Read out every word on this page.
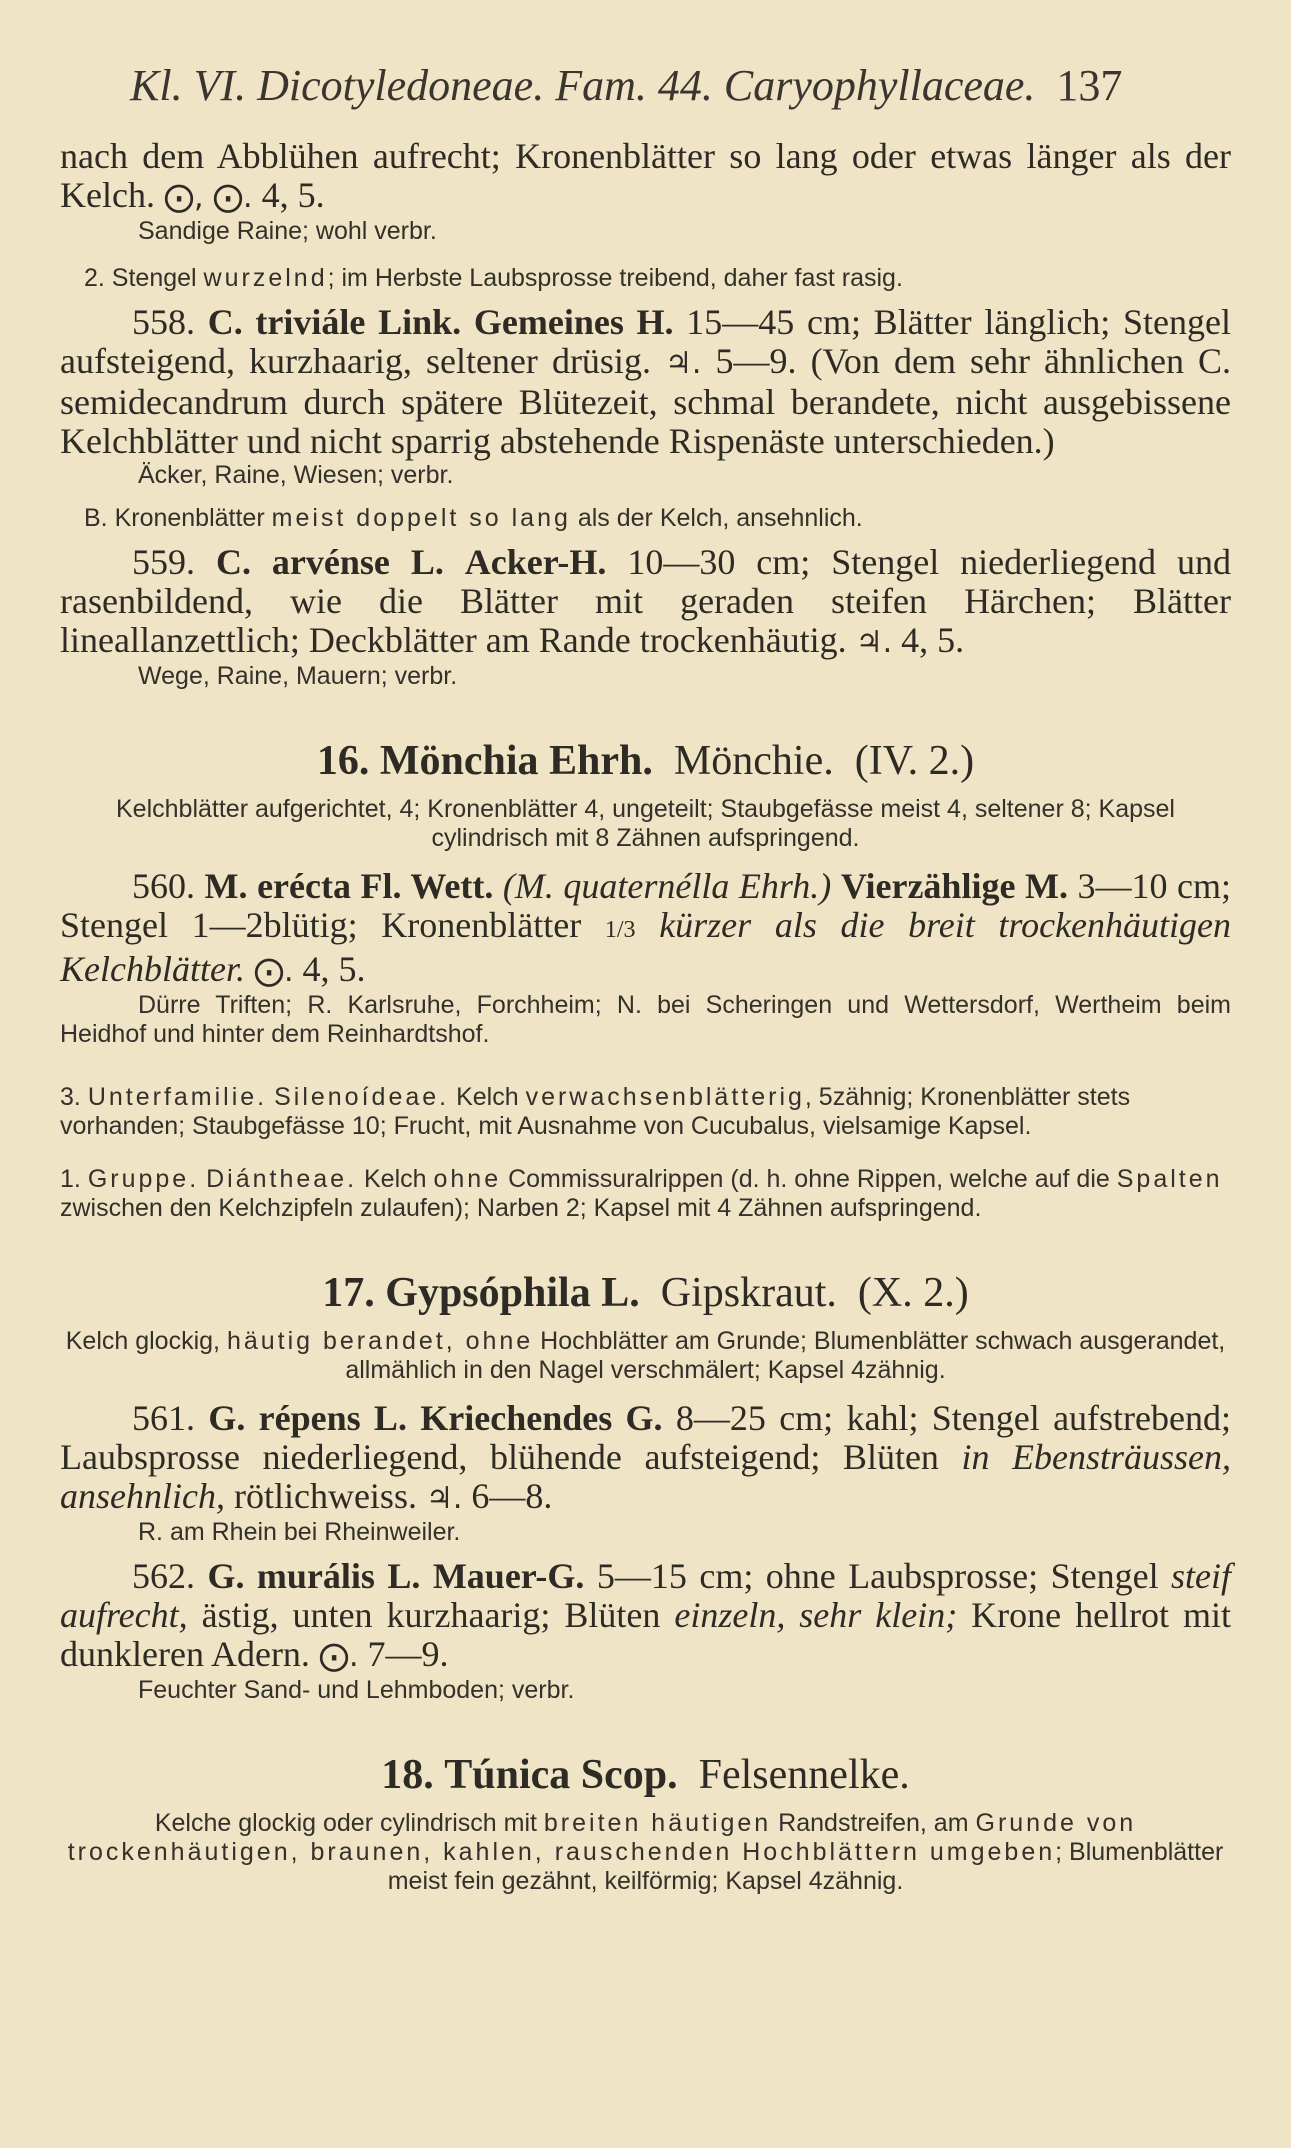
Kl. VI. Dicotyledoneae. Fam. 44. Caryophyllaceae. 137

nach dem Abblühen aufrecht; Kronenblätter so lang oder etwas länger als der Kelch. ⨀, ⨀. 4, 5.

Sandige Raine; wohl verbr.

2. Stengel wurzelnd; im Herbste Laubsprosse treibend, daher fast rasig.

558. C. triviále Link. Gemeines H. 15—45 cm; Blätter länglich; Stengel aufsteigend, kurzhaarig, seltener drüsig. ♃. 5—9. (Von dem sehr ähnlichen C. semidecandrum durch spätere Blütezeit, schmal berandete, nicht ausgebissene Kelchblätter und nicht sparrig abstehende Rispenäste unterschieden.)

Äcker, Raine, Wiesen; verbr.

B. Kronenblätter meist doppelt so lang als der Kelch, ansehnlich.

559. C. arvénse L. Acker-H. 10—30 cm; Stengel niederliegend und rasenbildend, wie die Blätter mit geraden steifen Härchen; Blätter lineallanzettlich; Deckblätter am Rande trockenhäutig. ♃. 4, 5.

Wege, Raine, Mauern; verbr.

16. Mönchia Ehrh. Mönchie. (IV. 2.)

Kelchblätter aufgerichtet, 4; Kronenblätter 4, ungeteilt; Staubgefässe meist 4, seltener 8; Kapsel cylindrisch mit 8 Zähnen aufspringend.

560. M. erécta Fl. Wett. (M. quaternélla Ehrh.) Vierzählige M. 3—10 cm; Stengel 1—2blütig; Kronenblätter 1/3 kürzer als die breit trockenhäutigen Kelchblätter. ⨀. 4, 5.

Dürre Triften; R. Karlsruhe, Forchheim; N. bei Scheringen und Wettersdorf, Wertheim beim Heidhof und hinter dem Reinhardtshof.

3. Unterfamilie. Silenoídeae. Kelch verwachsenblätterig, 5zähnig; Kronenblätter stets vorhanden; Staubgefässe 10; Frucht, mit Ausnahme von Cucubalus, vielsamige Kapsel.

1. Gruppe. Diántheae. Kelch ohne Commissuralrippen (d. h. ohne Rippen, welche auf die Spalten zwischen den Kelchzipfeln zulaufen); Narben 2; Kapsel mit 4 Zähnen aufspringend.

17. Gypsóphila L. Gipskraut. (X. 2.)

Kelch glockig, häutig berandet, ohne Hochblätter am Grunde; Blumenblätter schwach ausgerandet, allmählich in den Nagel verschmälert; Kapsel 4zähnig.

561. G. répens L. Kriechendes G. 8—25 cm; kahl; Stengel aufstrebend; Laubsprosse niederliegend, blühende aufsteigend; Blüten in Ebensträussen, ansehnlich, rötlichweiss. ♃. 6—8.

R. am Rhein bei Rheinweiler.

562. G. murális L. Mauer-G. 5—15 cm; ohne Laubsprosse; Stengel steif aufrecht, ästig, unten kurzhaarig; Blüten einzeln, sehr klein; Krone hellrot mit dunkleren Adern. ⨀. 7—9.

Feuchter Sand- und Lehmboden; verbr.

18. Túnica Scop. Felsennelke.

Kelche glockig oder cylindrisch mit breiten häutigen Randstreifen, am Grunde von trockenhäutigen, braunen, kahlen, rauschenden Hochblättern umgeben; Blumenblätter meist fein gezähnt, keilförmig; Kapsel 4zähnig.
